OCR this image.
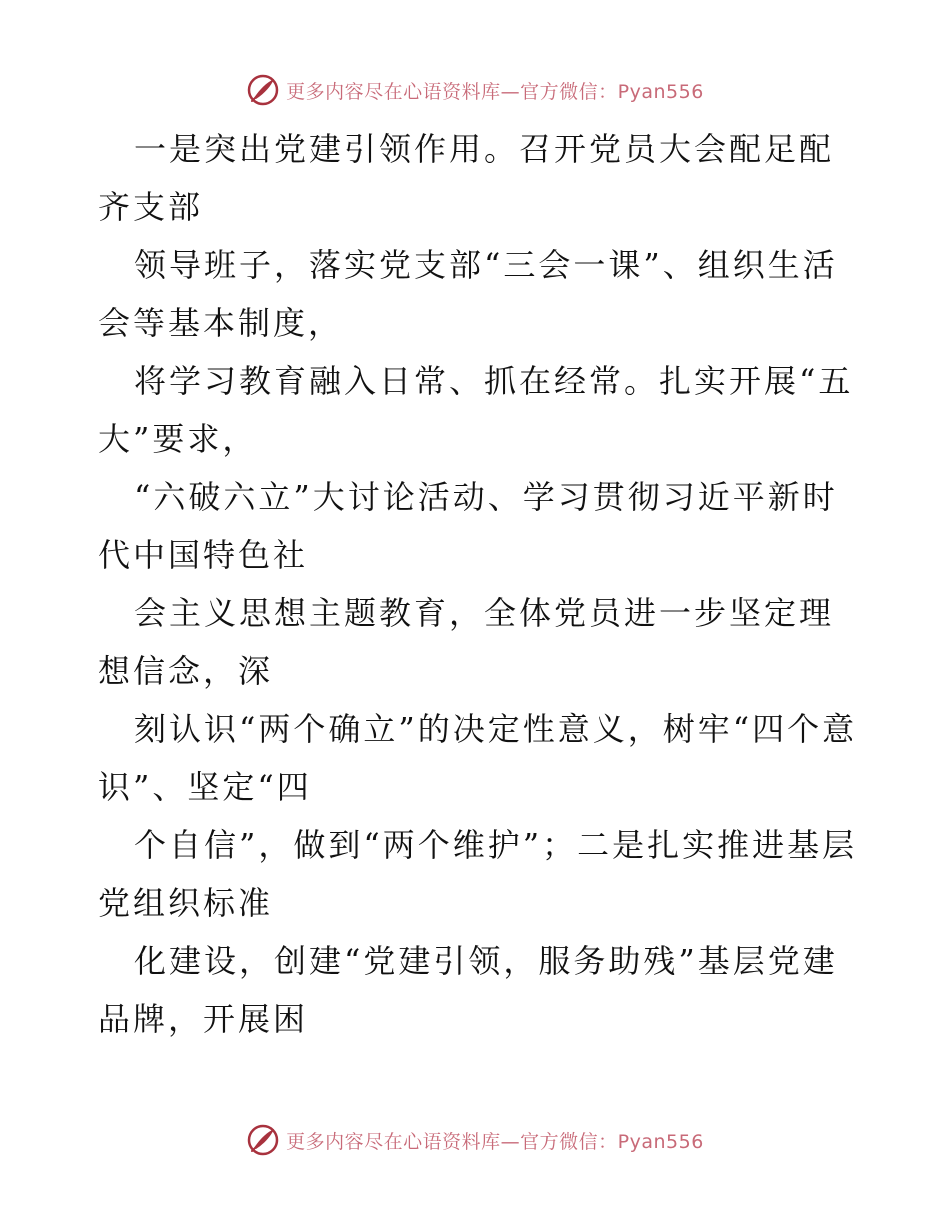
更多内容尽在心语资料库—官方微信：Pyan556

一是突出党建引领作用。召开党员大会配足配齐支部

领导班子，落实党支部“三会一课”、组织生活会等基本制度，

将学习教育融入日常、抓在经常。扎实开展“五大”要求，

“六破六立”大讨论活动、学习贯彻习近平新时代中国特色社

会主义思想主题教育，全体党员进一步坚定理想信念，深

刻认识“两个确立”的决定性意义，树牢“四个意识”、坚定“四

个自信”，做到“两个维护”；二是扎实推进基层党组织标准

化建设，创建“党建引领，服务助残”基层党建品牌，开展困

更多内容尽在心语资料库—官方微信：Pyan556
